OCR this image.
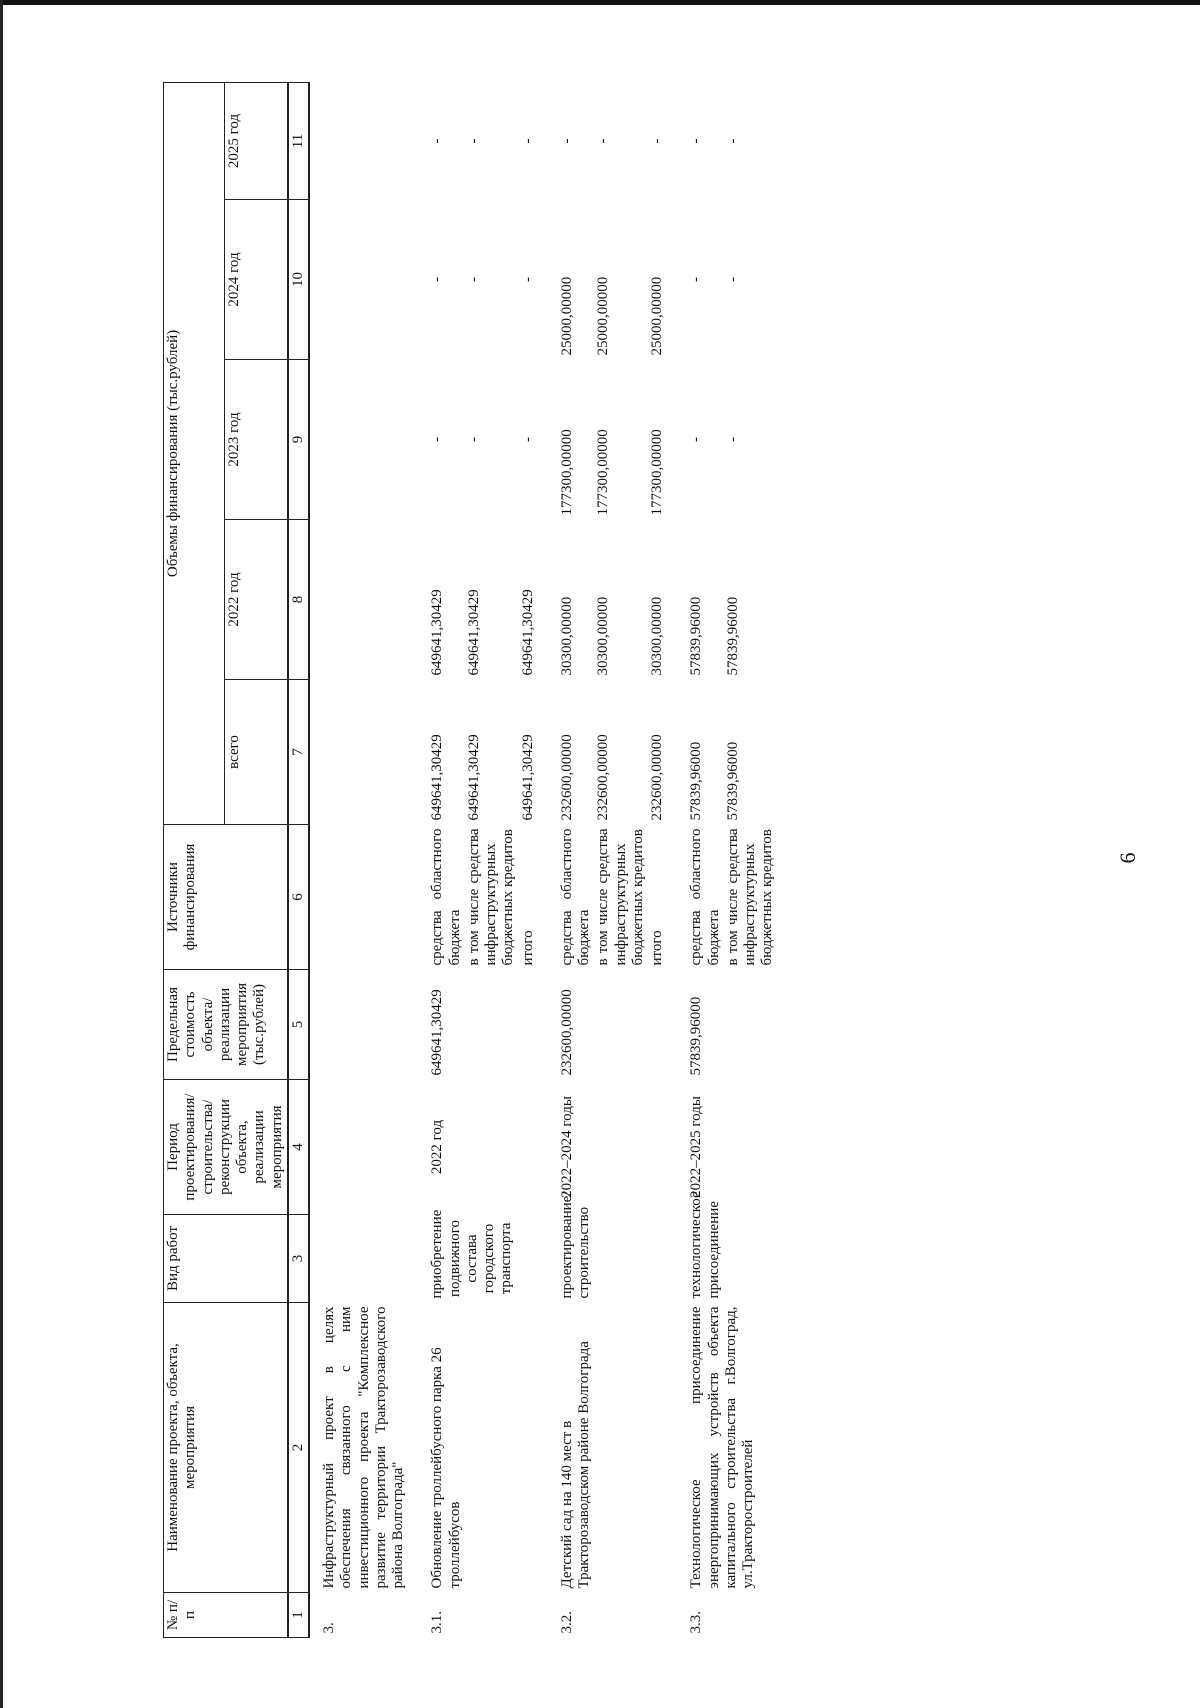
6
№ п/п	Наименование проекта, объекта, мероприятия	Вид работ	Период проектирования/ строительства/ реконструкции объекта, реализации мероприятия	Предельная стоимость объекта/ реализации мероприятия (тыс.рублей)	Источники финансирования	Объемы финансирования (тыс.рублей)				
						всего	2022 год	2023 год	2024 год	2025 год
1	2	3	4	5	6	7	8	9	10	11

3.	Инфраструктурный проект в целях обеспечения связанного с ним инвестиционного проекта "Комплексное развитие территории Тракторозаводского района Волгограда"									

3.1.	Обновление троллейбусного парка 26 троллейбусов	приобретение подвижного состава городского транспорта	2022 год	649641,30429	средства областного бюджета	649641,30429	649641,30429	-	-	-
					в том числе средства инфраструктурных бюджетных кредитов	649641,30429	649641,30429	-	-	-
					итого	649641,30429	649641,30429	-	-	-

3.2.	Детский сад на 140 мест в Тракторозаводском районе Волгограда	проектирование/ строительство	2022–2024 годы	232600,00000	средства областного бюджета	232600,00000	30300,00000	177300,00000	25000,00000	-
					в том числе средства инфраструктурных бюджетных кредитов	232600,00000	30300,00000	177300,00000	25000,00000	-
					итого	232600,00000	30300,00000	177300,00000	25000,00000	-

3.3.	Технологическое присоединение энергопринимающих устройств объекта капитального строительства г.Волгоград, ул.Тракторостроителей	технологическое присоединение	2022–2025 годы	57839,96000	средства областного бюджета	57839,96000	57839,96000	-	-	-
					в том числе средства инфраструктурных бюджетных кредитов	57839,96000	57839,96000	-	-	-
